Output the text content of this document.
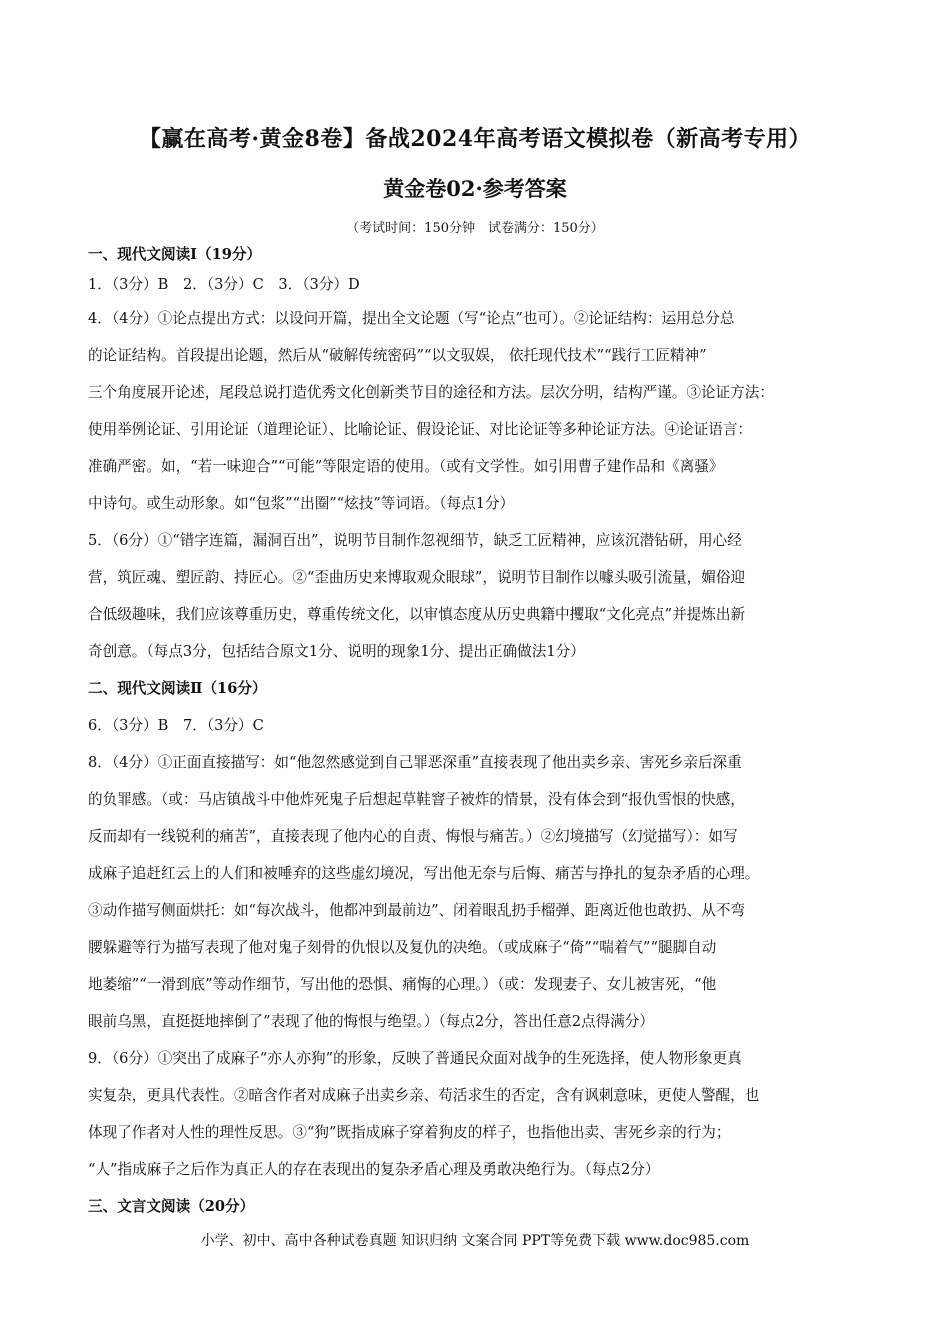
【赢在高考·黄金8卷】备战2024年高考语文模拟卷（新高考专用）
黄金卷02·参考答案
（考试时间：150分钟　试卷满分：150分）
一、现代文阅读Ⅰ（19分）
1．（3分）B　2．（3分）C　3．（3分）D
4．（4分）①论点提出方式：以设问开篇，提出全文论题（写“论点”也可）。②论证结构：运用总分总
的论证结构。首段提出论题，然后从“破解传统密码”“以文驭娱， 依托现代技术”“践行工匠精神”
三个角度展开论述，尾段总说打造优秀文化创新类节目的途径和方法。层次分明，结构严谨。③论证方法：
使用举例论证、引用论证（道理论证）、比喻论证、假设论证、对比论证等多种论证方法。④论证语言：
准确严密。如，“若一味迎合”“可能”等限定语的使用。（或有文学性。如引用曹子建作品和《离骚》
中诗句。或生动形象。如“包浆”“出圈”“炫技”等词语。（每点1分）
5．（6分）①“错字连篇，漏洞百出”，说明节目制作忽视细节，缺乏工匠精神，应该沉潜钻研，用心经
营，筑匠魂、塑匠韵、持匠心。②“歪曲历史来博取观众眼球”，说明节目制作以噱头吸引流量，媚俗迎
合低级趣味，我们应该尊重历史，尊重传统文化，以审慎态度从历史典籍中攫取“文化亮点”并提炼出新
奇创意。（每点3分，包括结合原文1分、说明的现象1分、提出正确做法1分）
二、现代文阅读Ⅱ（16分）
6．（3分）B　7．（3分）C
8．（4分）①正面直接描写：如“他忽然感觉到自己罪恶深重”直接表现了他出卖乡亲、害死乡亲后深重
的负罪感。（或：马店镇战斗中他炸死鬼子后想起草鞋窨子被炸的情景，没有体会到“报仇雪恨的快感，
反而却有一线锐利的痛苦”，直接表现了他内心的自责、悔恨与痛苦。）②幻境描写（幻觉描写）：如写
成麻子追赶红云上的人们和被唾弃的这些虚幻境况，写出他无奈与后悔、痛苦与挣扎的复杂矛盾的心理。
③动作描写侧面烘托：如“每次战斗，他都冲到最前边”、闭着眼乱扔手榴弹、距离近他也敢扔、从不弯
腰躲避等行为描写表现了他对鬼子刻骨的仇恨以及复仇的决绝。（或成麻子“倚”“喘着气”“腿脚自动
地萎缩”“一滑到底”等动作细节，写出他的恐惧、痛悔的心理。）（或：发现妻子、女儿被害死，“他
眼前乌黑，直挺挺地摔倒了”表现了他的悔恨与绝望。）（每点2分，答出任意2点得满分）
9．（6分）①突出了成麻子“亦人亦狗”的形象，反映了普通民众面对战争的生死选择，使人物形象更真
实复杂，更具代表性。②暗含作者对成麻子出卖乡亲、苟活求生的否定，含有讽刺意味，更使人警醒，也
体现了作者对人性的理性反思。③“狗”既指成麻子穿着狗皮的样子，也指他出卖、害死乡亲的行为；
“人”指成麻子之后作为真正人的存在表现出的复杂矛盾心理及勇敢决绝行为。（每点2分）
三、文言文阅读（20分）
小学、初中、高中各种试卷真题 知识归纳 文案合同 PPT等免费下载 www.doc985.com
